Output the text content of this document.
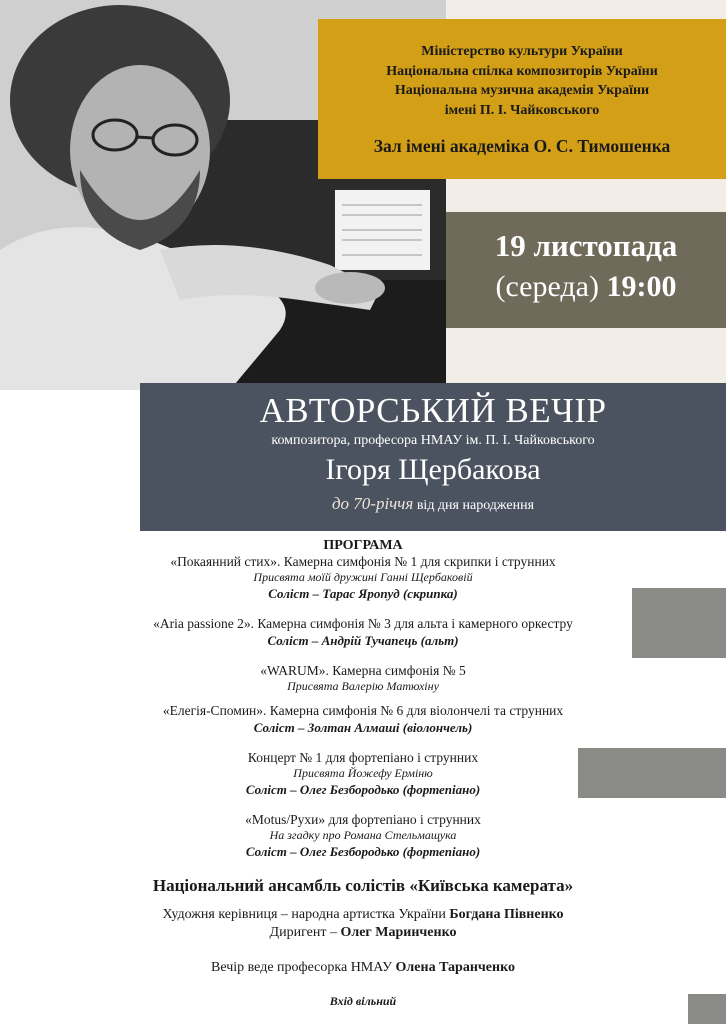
Міністерство культури України
Національна спілка композиторів України
Національна музична академія України
імені П. І. Чайковського
Зал імені академіка О. С. Тимошенка
19 листопада
(середа) 19:00
АВТОРСЬКИЙ ВЕЧІР
композитора, професора НМАУ ім. П. І. Чайковського
Ігоря Щербакова
до 70-річчя від дня народження
ПРОГРАМА
«Покаянний стих». Камерна симфонія № 1 для скрипки і струнних
Присвята моїй дружині Ганні Щербаковій
Соліст – Тарас Яропуд (скрипка)
«Aria passione 2». Камерна симфонія № 3 для альта і камерного оркестру
Соліст – Андрій Тучапець (альт)
«WARUM». Камерна симфонія № 5
Присвята Валерію Матюхіну
«Елегія-Спомин». Камерна симфонія № 6 для віолончелі та струнних
Соліст – Золтан Алмаші (віолончель)
Концерт № 1 для фортепіано і струнних
Присвята Йожефу Ерміню
Соліст – Олег Безбородько (фортепіано)
«Motus/Рухи» для фортепіано і струнних
На згадку про Романа Стельмащука
Соліст – Олег Безбородько (фортепіано)
Національний ансамбль солістів «Київська камерата»
Художня керівниця – народна артистка України Богдана Півненко
Диригент – Олег Маринченко
Вечір веде професорка НМАУ Олена Таранченко
Вхід вільний
